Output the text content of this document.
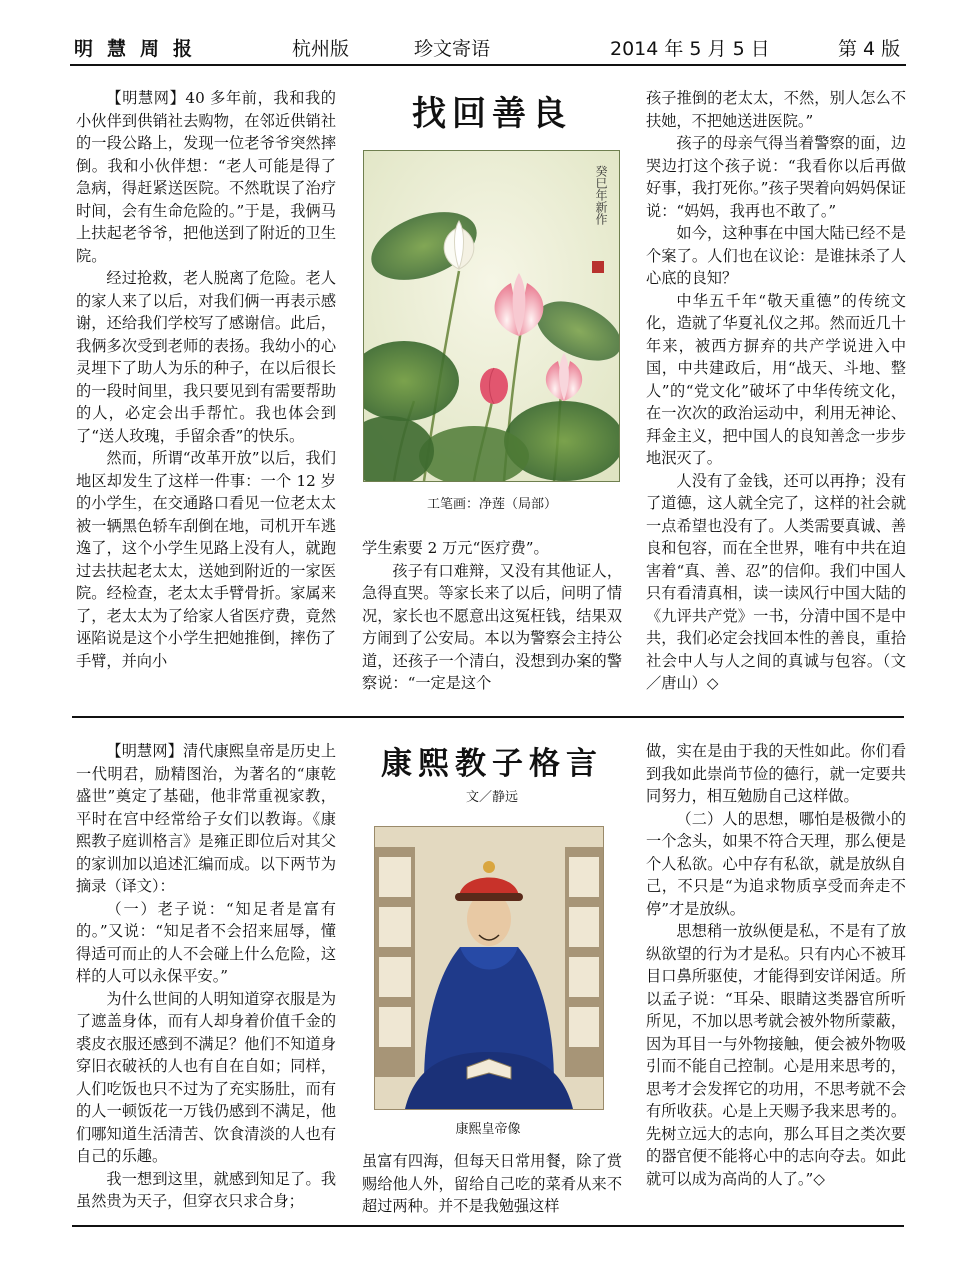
明慧周报	杭州版	珍文寄语	2014 年 5 月 5 日	第 4 版

【明慧网】40 多年前，我和我的小伙伴到供销社去购物，在邻近供销社的一段公路上，发现一位老爷爷突然摔倒。我和小伙伴想：“老人可能是得了急病，得赶紧送医院。不然耽误了治疗时间，会有生命危险的。”于是，我俩马上扶起老爷爷，把他送到了附近的卫生院。

经过抢救，老人脱离了危险。老人的家人来了以后，对我们俩一再表示感谢，还给我们学校写了感谢信。此后，我俩多次受到老师的表扬。我幼小的心灵埋下了助人为乐的种子，在以后很长的一段时间里，我只要见到有需要帮助的人，必定会出手帮忙。我也体会到了“送人玫瑰，手留余香”的快乐。

然而，所谓“改革开放”以后，我们地区却发生了这样一件事：一个 12 岁的小学生，在交通路口看见一位老太太被一辆黑色轿车刮倒在地，司机开车逃逸了，这个小学生见路上没有人，就跑过去扶起老太太，送她到附近的一家医院。经检查，老太太手臂骨折。家属来了，老太太为了给家人省医疗费，竟然诬陷说是这个小学生把她推倒，摔伤了手臂，并向小

找回善良
癸巳年新作
工笔画：净莲（局部）

学生索要 2 万元“医疗费”。

孩子有口难辩，又没有其他证人，急得直哭。等家长来了以后，问明了情况，家长也不愿意出这冤枉钱，结果双方闹到了公安局。本以为警察会主持公道，还孩子一个清白，没想到办案的警察说：“一定是这个

孩子推倒的老太太，不然，别人怎么不扶她，不把她送进医院。”

孩子的母亲气得当着警察的面，边哭边打这个孩子说：“我看你以后再做好事，我打死你。”孩子哭着向妈妈保证说：“妈妈，我再也不敢了。”

如今，这种事在中国大陆已经不是个案了。人们也在议论：是谁抹杀了人心底的良知？

中华五千年“敬天重德”的传统文化，造就了华夏礼仪之邦。然而近几十年来，被西方摒弃的共产学说进入中国，中共建政后，用“战天、斗地、整人”的“党文化”破坏了中华传统文化，在一次次的政治运动中，利用无神论、拜金主义，把中国人的良知善念一步步地泯灭了。

人没有了金钱，还可以再挣；没有了道德，这人就全完了，这样的社会就一点希望也没有了。人类需要真诚、善良和包容，而在全世界，唯有中共在迫害着“真、善、忍”的信仰。我们中国人只有看清真相，读一读风行中国大陆的《九评共产党》一书，分清中国不是中共，我们必定会找回本性的善良，重拾社会中人与人之间的真诚与包容。（文／唐山）◇

【明慧网】清代康熙皇帝是历史上一代明君，励精图治，为著名的“康乾盛世”奠定了基础，他非常重视家教，平时在宫中经常给子女们以教诲。《康熙教子庭训格言》是雍正即位后对其父的家训加以追述汇编而成。以下两节为摘录（译文）：

（一）老子说：“知足者是富有的。”又说：“知足者不会招来屈辱，懂得适可而止的人不会碰上什么危险，这样的人可以永保平安。”

为什么世间的人明知道穿衣服是为了遮盖身体，而有人却身着价值千金的裘皮衣服还感到不满足？他们不知道身穿旧衣破袄的人也有自在自如；同样，人们吃饭也只不过为了充实肠肚，而有的人一顿饭花一万钱仍感到不满足，他们哪知道生活清苦、饮食清淡的人也有自己的乐趣。

我一想到这里，就感到知足了。我虽然贵为天子，但穿衣只求合身；

康熙教子格言
文／静远
康熙皇帝像

虽富有四海，但每天日常用餐，除了赏赐给他人外，留给自己吃的菜肴从来不超过两种。并不是我勉强这样

做，实在是由于我的天性如此。你们看到我如此崇尚节俭的德行，就一定要共同努力，相互勉励自己这样做。

（二）人的思想，哪怕是极微小的一个念头，如果不符合天理，那么便是个人私欲。心中存有私欲，就是放纵自己，不只是“为追求物质享受而奔走不停”才是放纵。

思想稍一放纵便是私，不是有了放纵欲望的行为才是私。只有内心不被耳目口鼻所驱使，才能得到安详闲适。所以孟子说：“耳朵、眼睛这类器官所听所见，不加以思考就会被外物所蒙蔽，因为耳目一与外物接触，便会被外物吸引而不能自己控制。心是用来思考的，思考才会发挥它的功用，不思考就不会有所收获。心是上天赐予我来思考的。先树立远大的志向，那么耳目之类次要的器官便不能将心中的志向夺去。如此就可以成为高尚的人了。”◇
